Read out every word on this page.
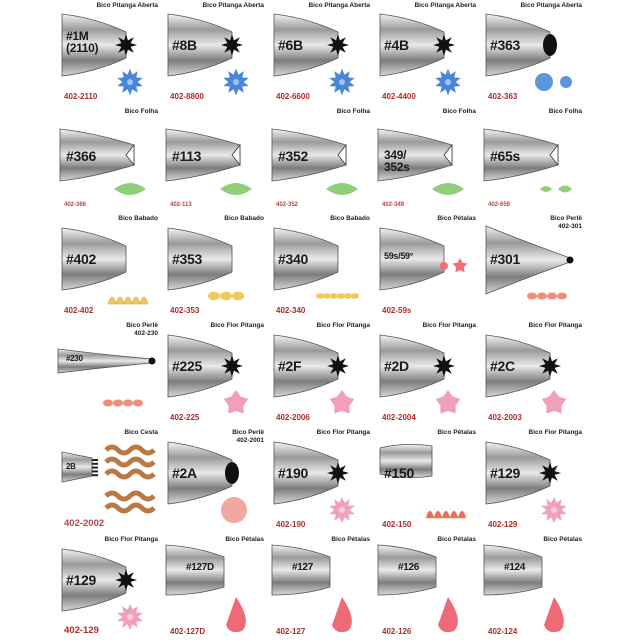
Bico Pitanga Aberta
#1M
(2110)
402-2110
Bico Pitanga Aberta
#8B
402-8800
Bico Pitanga Aberta
#6B
402-6600
Bico Pitanga Aberta
#4B
402-4400
Bico Pitanga Aberta
#363
402-363
Bico Folha
#366
402-366
#113
402-113
Bico Folha
#352
402-352
Bico Folha
349/
352s
402-349
Bico Folha
#65s
402-659
Bico Babado
#402
402-402
Bico Babado
#353
402-353
Bico Babado
#340
402-340
Bico Pétalas
59s/59°
402-59s
Bico Perlê
402-301
#301
Bico Perlê
402-230
#230
Bico Flor Pitanga
#225
402-225
Bico Flor Pitanga
#2F
402-2006
Bico Flor Pitanga
#2D
402-2004
Bico Flor Pitanga
#2C
402-2003
Bico Cesta
2B
402-2002
Bico Perlê
402-2001
#2A
Bico Flor Pitanga
#190
402-190
Bico Pétalas
#150
402-150
Bico Flor Pitanga
#129
402-129
Bico Flor Pitanga
#129
402-129
Bico Pétalas
#127D
402-127D
Bico Pétalas
#127
402-127
Bico Pétalas
#126
402-126
Bico Pétalas
#124
402-124
